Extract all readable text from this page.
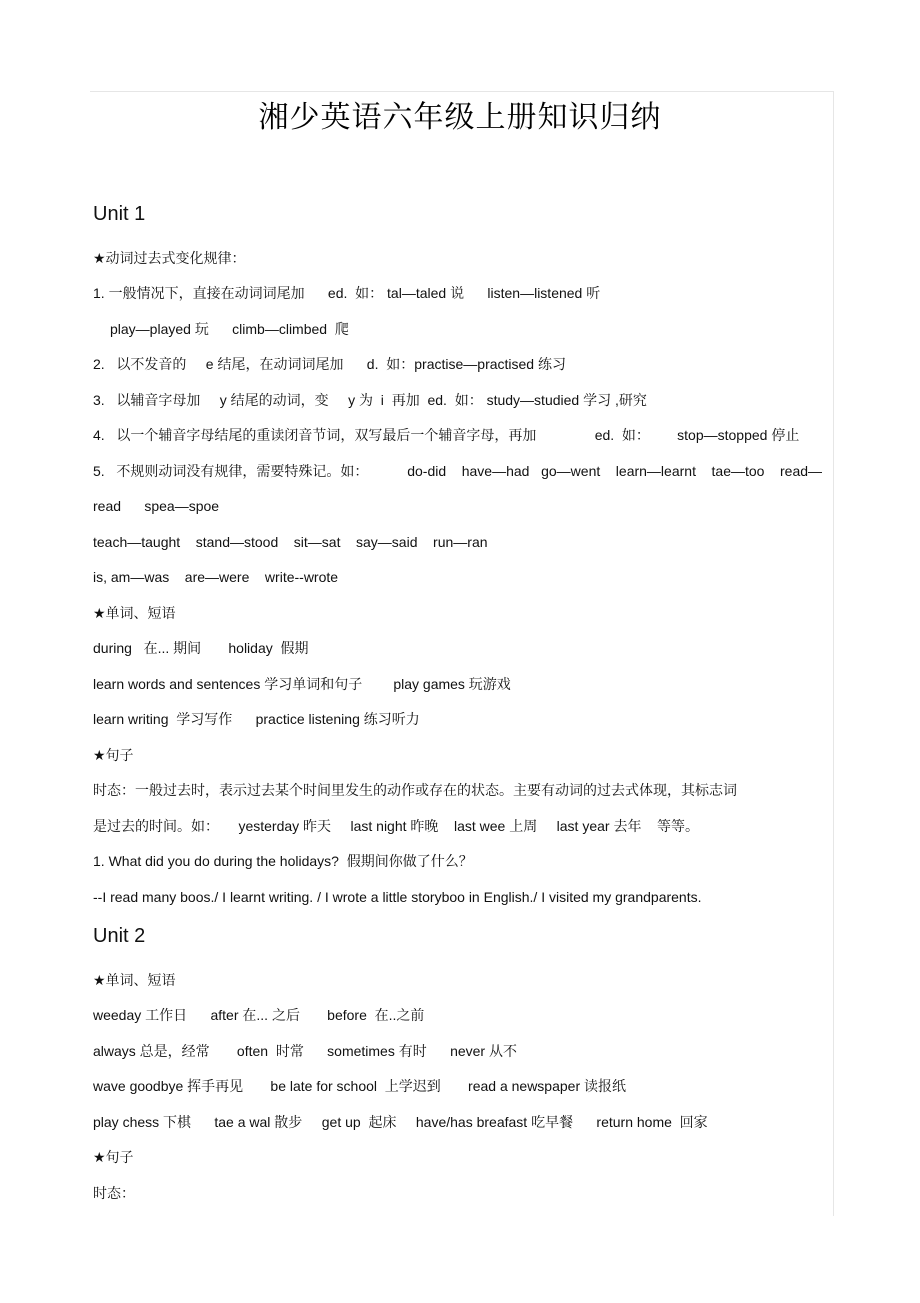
湘少英语六年级上册知识归纳
Unit 1
★动词过去式变化规律：
1. 一般情况下，直接在动词词尾加      ed.  如： tal—taled 说      listen—listened 听
play—played 玩      climb—climbed  爬
2.   以不发音的     e 结尾，在动词词尾加      d.  如：practise—practised 练习
3.   以辅音字母加     y 结尾的动词，变     y 为  i  再加  ed.  如： study—studied 学习 ,研究
4.   以一个辅音字母结尾的重读闭音节词，双写最后一个辅音字母，再加               ed.  如：       stop—stopped 停止
5.   不规则动词没有规律，需要特殊记。如：          do-did    have—had   go—went    learn—learnt    tae—too    read—
read      spea—spoe
teach—taught    stand—stood    sit—sat    say—said    run—ran
is, am—was    are—were    write--wrote
★单词、短语
during   在... 期间       holiday  假期
learn words and sentences 学习单词和句子        play games 玩游戏
learn writing  学习写作      practice listening 练习听力
★句子
时态：一般过去时，表示过去某个时间里发生的动作或存在的状态。主要有动词的过去式体现，其标志词
是过去的时间。如：     yesterday 昨天     last night 昨晚    last wee 上周     last year 去年    等等。
1. What did you do during the holidays?  假期间你做了什么？
--I read many boos./ I learnt writing. / I wrote a little storyboo in English./ I visited my grandparents.
Unit 2
★单词、短语
weeday 工作日      after 在... 之后       before  在..之前
always 总是，经常       often  时常      sometimes 有时      never 从不
wave goodbye 挥手再见       be late for school  上学迟到       read a newspaper 读报纸
play chess 下棋      tae a wal 散步     get up  起床     have/has breafast 吃早餐      return home  回家
★句子
时态：
